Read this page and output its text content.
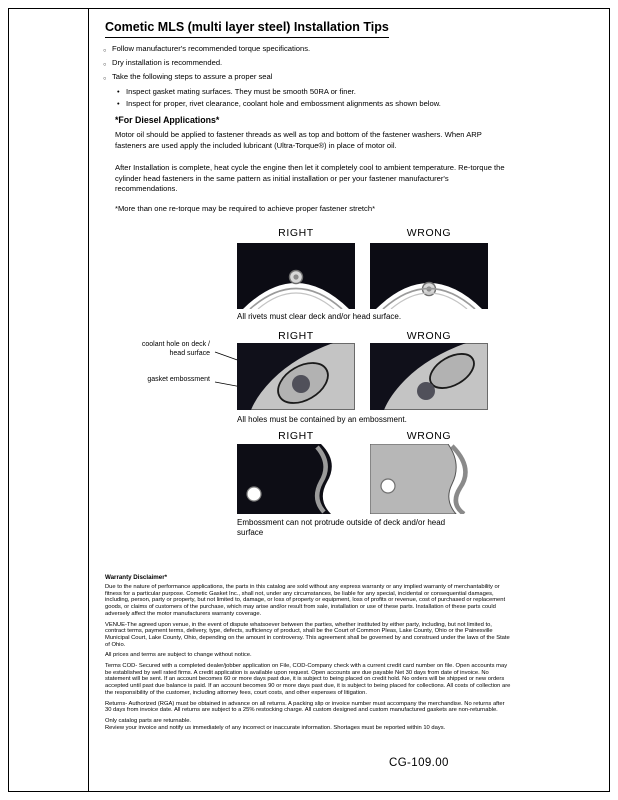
Cometic MLS (multi layer steel) Installation Tips
○
Follow manufacturer's recommended torque specifications.
○
Dry installation is recommended.
○
Take the following steps to assure a proper seal
•
Inspect gasket mating surfaces. They must be smooth 50RA or finer.
•
Inspect for proper, rivet clearance, coolant hole and embossment alignments as shown below.
*For Diesel Applications*
Motor oil should be applied to fastener threads as well as top and bottom of the fastener washers. When ARP fasteners are used apply the included lubricant (Ultra-Torque®) in place of motor oil.
After Installation is complete, heat cycle the engine then let it completely cool to ambient temperature. Re-torque the cylinder head fasteners in the same pattern as initial installation or per your fastener manufacturer's recommendations.
*More than one re-torque may be required to achieve proper fastener stretch*
RIGHT	WRONG
All rivets must clear deck and/or head surface.
RIGHT	WRONG
coolant hole on deck / head surface
gasket embossment
All holes must be contained by an embossment.
RIGHT	WRONG
Embossment can not protrude outside of deck and/or head surface
Warranty Disclaimer*

Due to the nature of performance applications, the parts in this catalog are sold without any express warranty or any implied warranty of merchantability or fitness for a particular purpose. Cometic Gasket Inc., shall not, under any circumstances, be liable for any special, incidental or consequential damages, including, person, party or property, but not limited to, damage, or loss of property or equipment, loss of profits or revenue, cost of purchased or replacement goods, or claims of customers of the purchase, which may arise and/or result from sale, installation or use of these parts. Installation of these parts could adversely affect the motor manufacturers warranty coverage.

VENUE-The agreed upon venue, in the event of dispute whatsoever between the parties, whether instituted by either party, including, but not limited to, contract terms, payment terms, delivery, type, defects, sufficiency of product, shall be the Court of Common Pleas, Lake County, Ohio or the Painesville Municipal Court, Lake County, Ohio, depending on the amount in controversy. This agreement shall be governed by and construed under the laws of the State of Ohio.

All prices and terms are subject to change without notice.

Terms COD- Secured with a completed dealer/jobber application on File, COD-Company check with a current credit card number on file. Open accounts may be established by well rated firms. A credit application is available upon request. Open accounts are due payable Net 30 days from date of invoice. No statement will be sent. If an account becomes 60 or more days past due, it is subject to being placed on credit hold. No orders will be shipped or new orders accepted until past due balance is paid. If an account becomes 90 or more days past due, it is subject to being placed for collections. All costs of collection are the responsibility of the customer, including attorney fees, court costs, and other expenses of litigation.

Returns- Authorized (RGA) must be obtained in advance on all returns. A packing slip or invoice number must accompany the merchandise. No returns after 30 days from invoice date. All returns are subject to a 25% restocking charge. All custom designed and custom manufactured gaskets are non-returnable.

Only catalog parts are returnable.

Review your invoice and notify us immediately of any incorrect or inaccurate information. Shortages must be reported within 10 days.

CG-109.00
